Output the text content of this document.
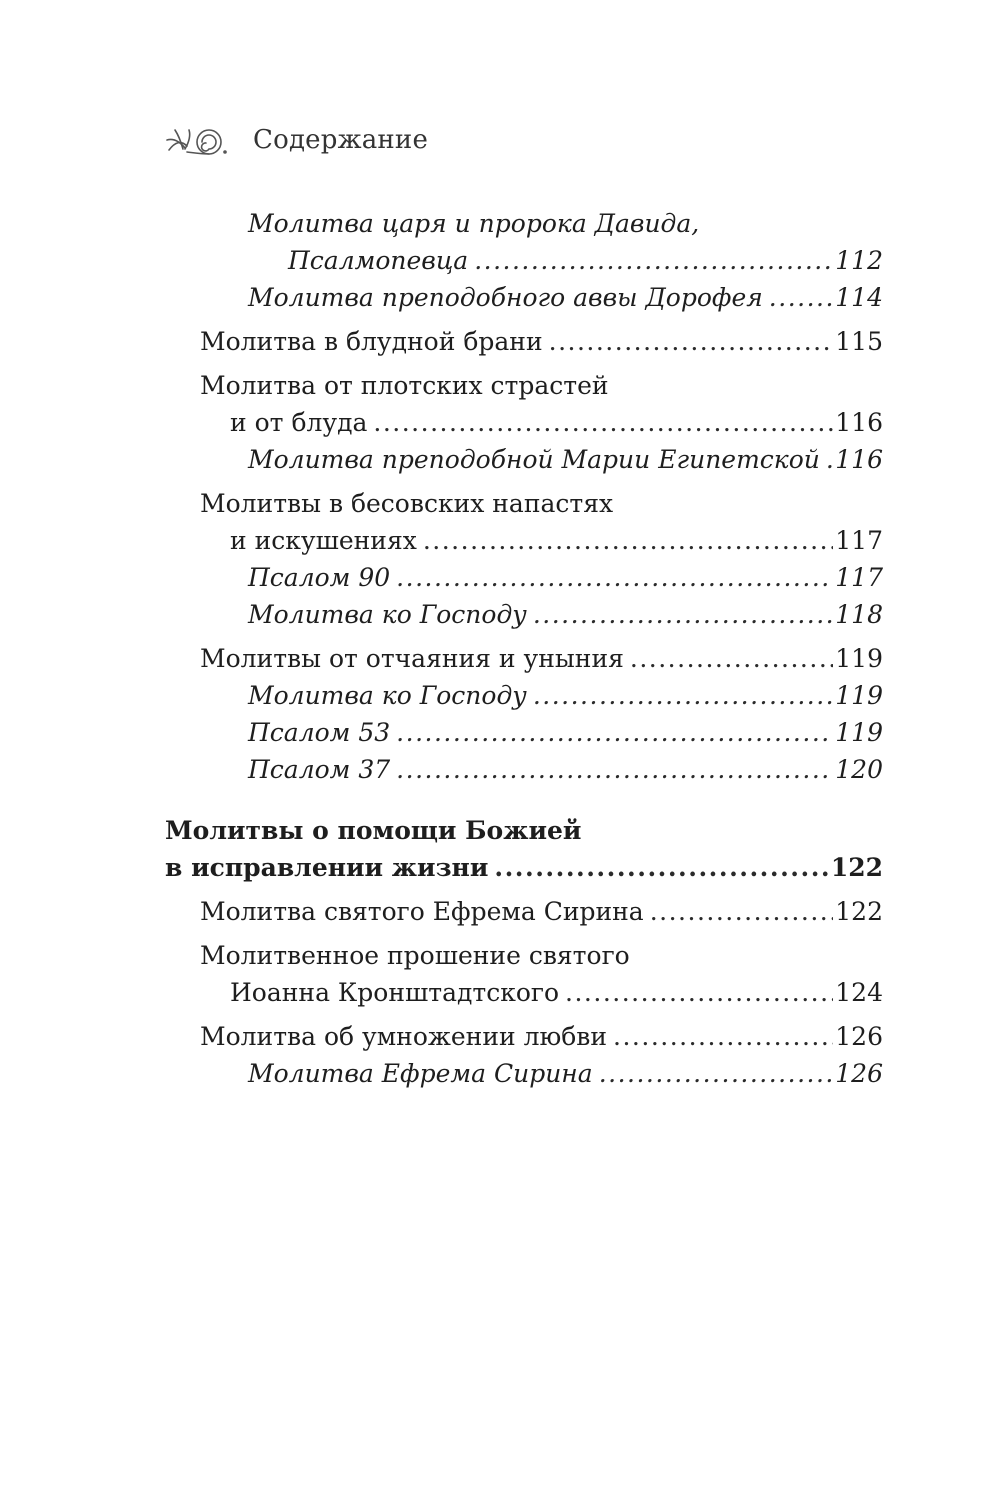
Содержание
Молитва царя и пророка Давида,
Псалмопевца .....	112
Молитва преподобного аввы Дорофея .....	114
Молитва в блудной брани .....	115
Молитва от плотских страстей
и от блуда .....	116
Молитва преподобной Марии Египетской ..... 116
Молитвы в бесовских напастях
и искушениях .....	117
Псалом 90 .....	117
Молитва ко Господу .....	118
Молитвы от отчаяния и уныния .....	119
Молитва ко Господу .....	119
Псалом 53 .....	119
Псалом 37 .....	120
Молитвы о помощи Божией
в исправлении жизни .....	122
Молитва святого Ефрема Сирина .....	122
Молитвенное прошение святого
Иоанна Кронштадтского .....	124
Молитва об умножении любви .....	126
Молитва Ефрема Сирина .....	126
